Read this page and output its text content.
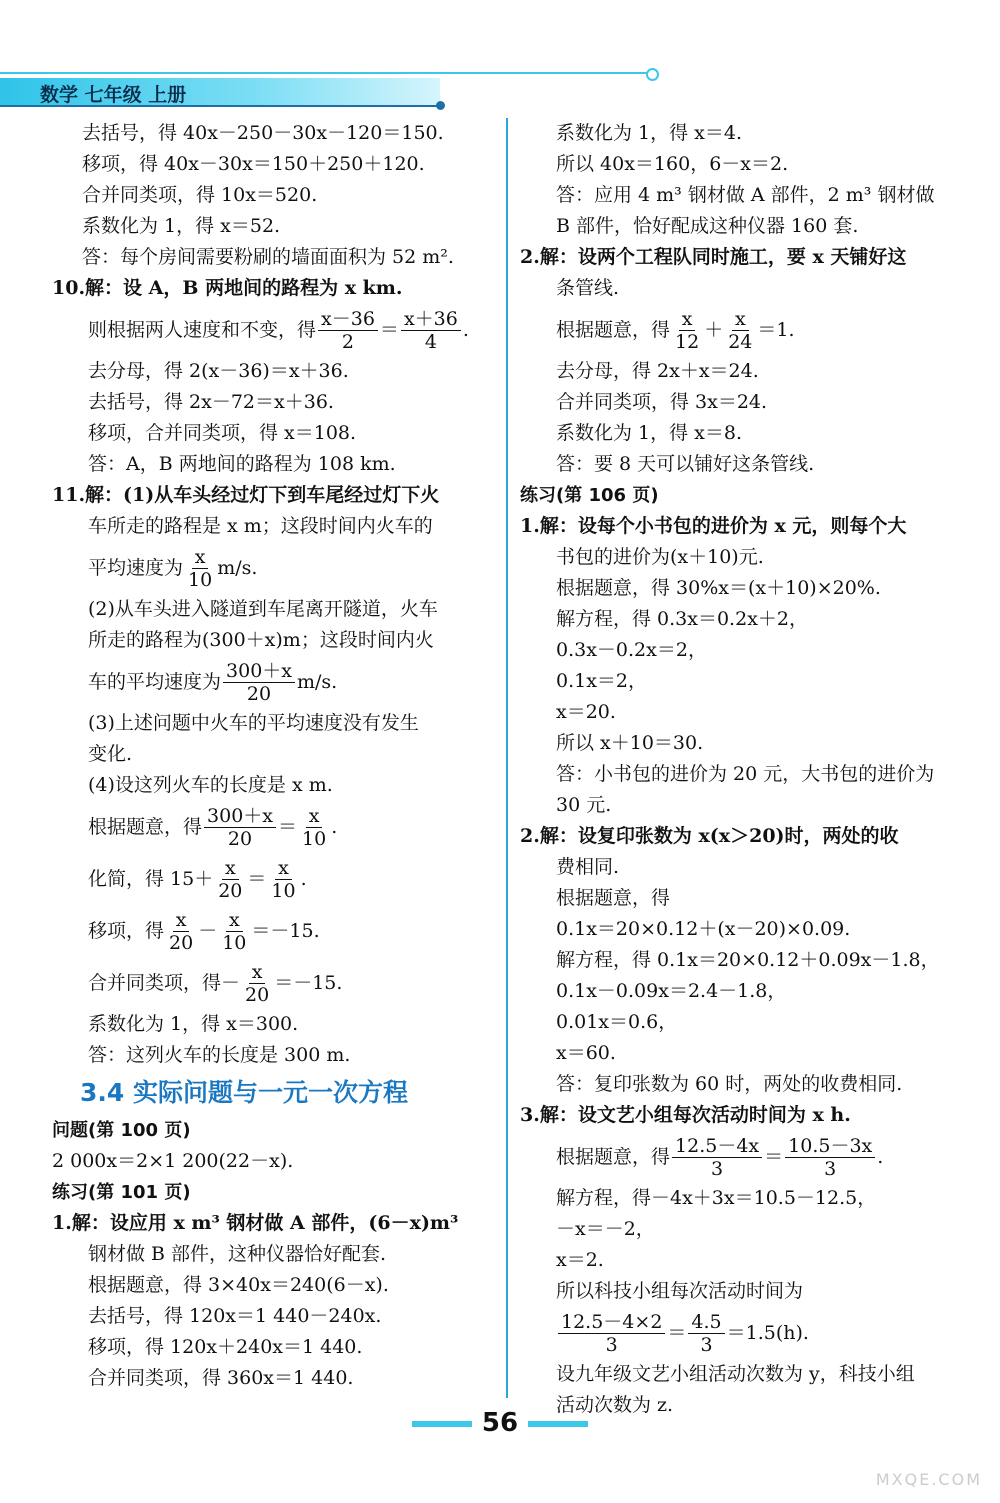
数学 七年级 上册
去括号，得 40x－250－30x－120＝150.
移项，得 40x－30x＝150＋250＋120.
合并同类项，得 10x＝520.
系数化为 1，得 x＝52.
答：每个房间需要粉刷的墙面面积为 52 m².
10.解：设 A，B 两地间的路程为 x km.
则根据两人速度和不变，得 $\frac{x-36}{2} = \frac{x+36}{4}$ .
去分母，得 2(x－36)＝x＋36.
去括号，得 2x－72＝x＋36.
移项，合并同类项，得 x＝108.
答：A，B 两地间的路程为 108 km.
11.解：(1)从车头经过灯下到车尾经过灯下火
车所走的路程是 x m；这段时间内火车的
平均速度为 $\frac{x}{10} m/s$.
(2)从车头进入隧道到车尾离开隧道，火车
所走的路程为(300＋x)m；这段时间内火
车的平均速度为 $\frac{300+x}{20} m/s$.
(3)上述问题中火车的平均速度没有发生
变化.
(4)设这列火车的长度是 x m.
根据题意，得 $\frac{300+x}{20} = \frac{x}{10}$ .
化简，得 $15+ \frac{x}{20} = \frac{x}{10}$ .
移项，得 $\frac{x}{20} - \frac{x}{10} =-15$.
合并同类项，得－ $\frac{x}{20} =-15$.
系数化为 1，得 x＝300.
答：这列火车的长度是 300 m.
3.4 实际问题与一元一次方程
问题(第 100 页)
2 000x＝2×1 200(22－x).
练习(第 101 页)
1.解：设应用 x m³ 钢材做 A 部件，(6－x)m³
钢材做 B 部件，这种仪器恰好配套.
根据题意，得 3×40x＝240(6－x).
去括号，得 120x＝1 440－240x.
移项，得 120x＋240x＝1 440.
合并同类项，得 360x＝1 440.
系数化为 1，得 x＝4.
所以 40x＝160，6－x＝2.
答：应用 4 m³ 钢材做 A 部件，2 m³ 钢材做
B 部件，恰好配成这种仪器 160 套.
2.解：设两个工程队同时施工，要 x 天铺好这
条管线.
根据题意，得 $\frac{x}{12} + \frac{x}{24} =1$.
去分母，得 2x＋x＝24.
合并同类项，得 3x＝24.
系数化为 1，得 x＝8.
答：要 8 天可以铺好这条管线.
练习(第 106 页)
1.解：设每个小书包的进价为 x 元，则每个大
书包的进价为(x＋10)元.
根据题意，得 30%x＝(x＋10)×20%.
解方程，得 0.3x＝0.2x＋2，
0.3x－0.2x＝2，
0.1x＝2，
x＝20.
所以 x＋10＝30.
答：小书包的进价为 20 元，大书包的进价为
30 元.
2.解：设复印张数为 x(x＞20)时，两处的收
费相同.
根据题意，得
0.1x＝20×0.12＋(x－20)×0.09.
解方程，得 0.1x＝20×0.12＋0.09x－1.8，
0.1x－0.09x＝2.4－1.8，
0.01x＝0.6，
x＝60.
答：复印张数为 60 时，两处的收费相同.
3.解：设文艺小组每次活动时间为 x h.
根据题意，得 $\frac{12.5-4x}{3} = \frac{10.5-3x}{3}$ .
解方程，得－4x＋3x＝10.5－12.5，
－x＝－2，
x＝2.
所以科技小组每次活动时间为
$\frac{12.5-4\times 2}{3} = \frac{4.5}{3} =1.5(h)$.
设九年级文艺小组活动次数为 y，科技小组
活动次数为 z.
56
MXQE.COM
